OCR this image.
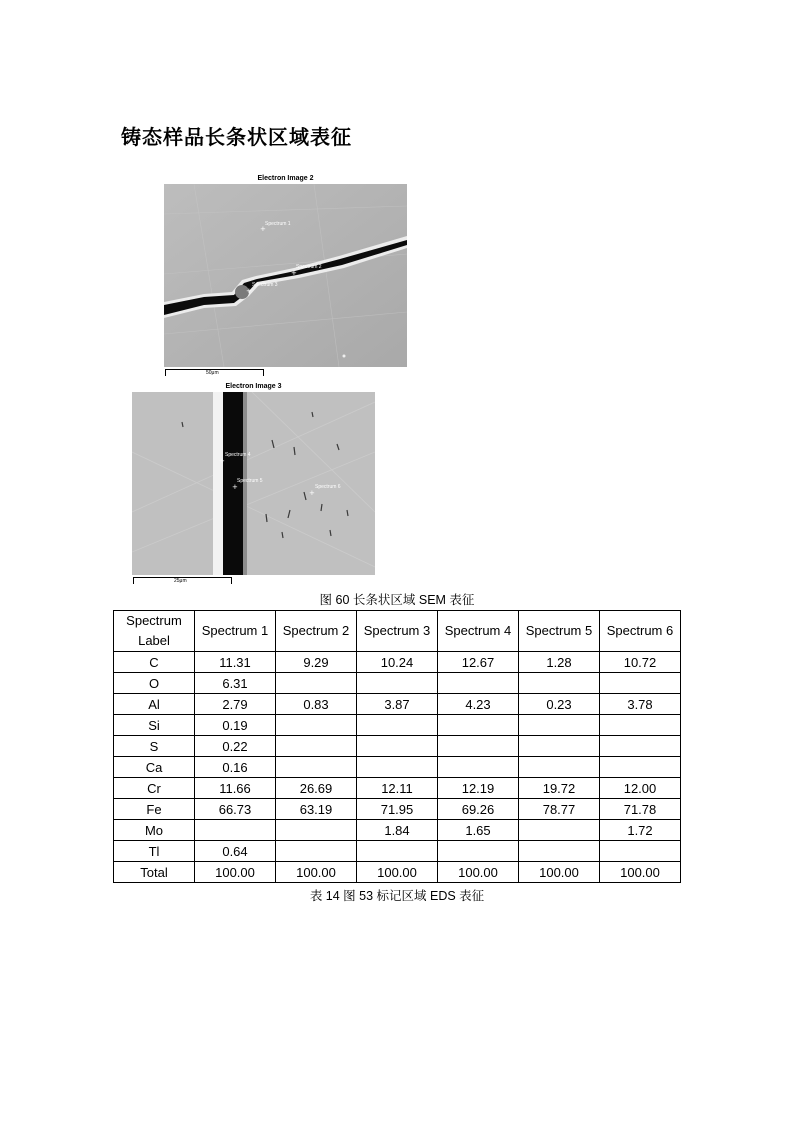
铸态样品长条状区域表征
Electron Image 2
+
Spectrum 1
+
Spectrum 2
+
Spectrum 3
50μm
Electron Image 3
+
Spectrum 4
+
Spectrum 5
+
Spectrum 6
25μm
图 60 长条状区域 SEM 表征
Spectrum Label	Spectrum 1	Spectrum 2	Spectrum 3	Spectrum 4	Spectrum 5	Spectrum 6
C	11.31	9.29	10.24	12.67	1.28	10.72
O	6.31					
Al	2.79	0.83	3.87	4.23	0.23	3.78
Si	0.19					
S	0.22					
Ca	0.16					
Cr	11.66	26.69	12.11	12.19	19.72	12.00
Fe	66.73	63.19	71.95	69.26	78.77	71.78
Mo			1.84	1.65		1.72
Tl	0.64					
Total	100.00	100.00	100.00	100.00	100.00	100.00
表 14 图 53 标记区域 EDS 表征
